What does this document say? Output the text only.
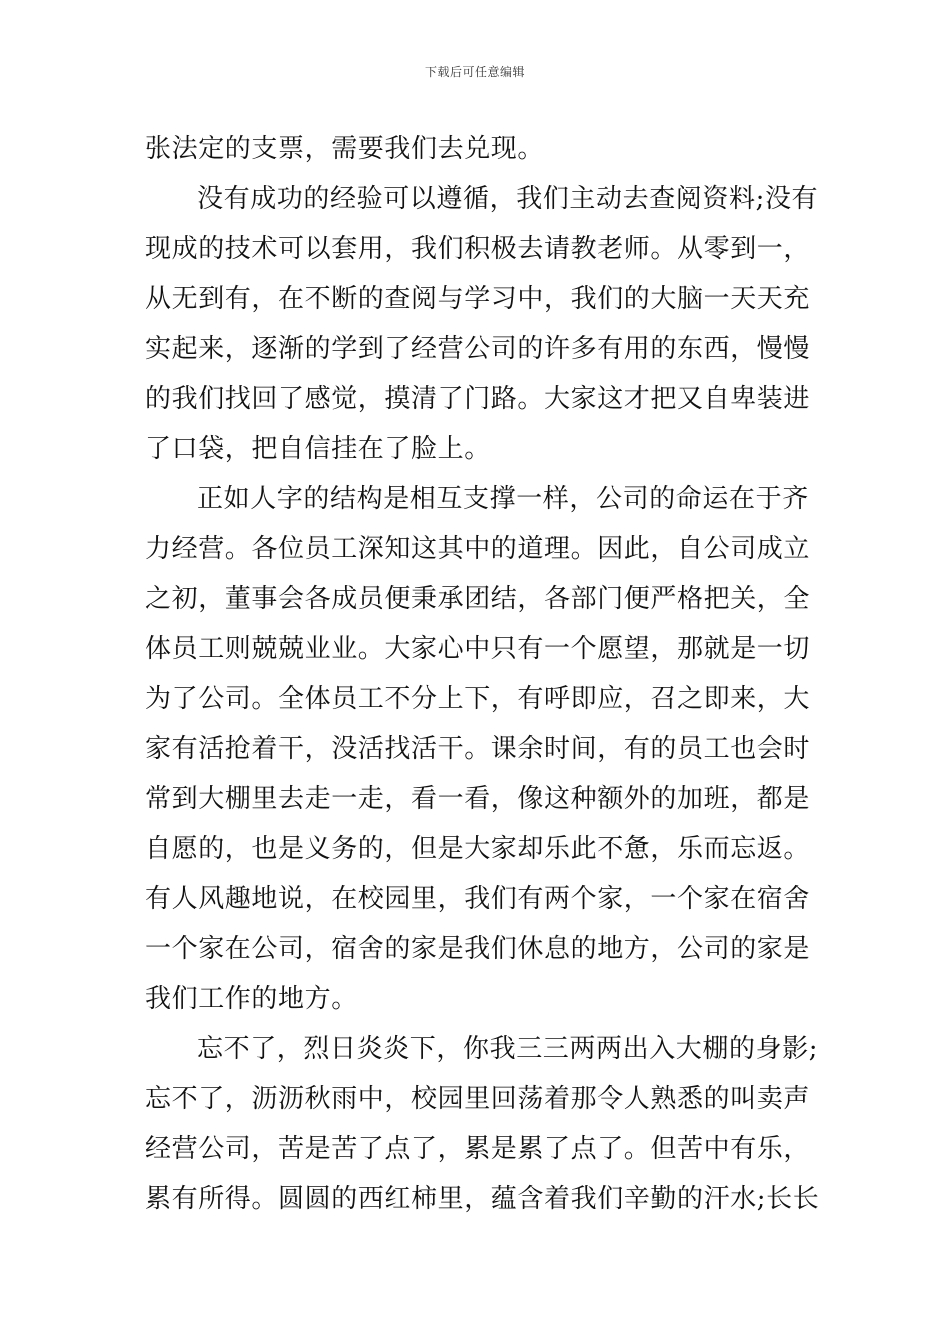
下载后可任意编辑
张法定的支票，需要我们去兑现。
没有成功的经验可以遵循，我们主动去查阅资料;没有
现成的技术可以套用，我们积极去请教老师。从零到一，
从无到有，在不断的查阅与学习中，我们的大脑一天天充
实起来，逐渐的学到了经营公司的许多有用的东西，慢慢
的我们找回了感觉，摸清了门路。大家这才把又自卑装进
了口袋，把自信挂在了脸上。
正如人字的结构是相互支撑一样，公司的命运在于齐
力经营。各位员工深知这其中的道理。因此，自公司成立
之初，董事会各成员便秉承团结，各部门便严格把关，全
体员工则兢兢业业。大家心中只有一个愿望，那就是一切
为了公司。全体员工不分上下，有呼即应，召之即来，大
家有活抢着干，没活找活干。课余时间，有的员工也会时
常到大棚里去走一走，看一看，像这种额外的加班，都是
自愿的，也是义务的，但是大家却乐此不惫，乐而忘返。
有人风趣地说，在校园里，我们有两个家，一个家在宿舍
一个家在公司，宿舍的家是我们休息的地方，公司的家是
我们工作的地方。
忘不了，烈日炎炎下，你我三三两两出入大棚的身影;
忘不了，沥沥秋雨中，校园里回荡着那令人熟悉的叫卖声
经营公司，苦是苦了点了，累是累了点了。但苦中有乐，
累有所得。圆圆的西红柿里，蕴含着我们辛勤的汗水;长长
